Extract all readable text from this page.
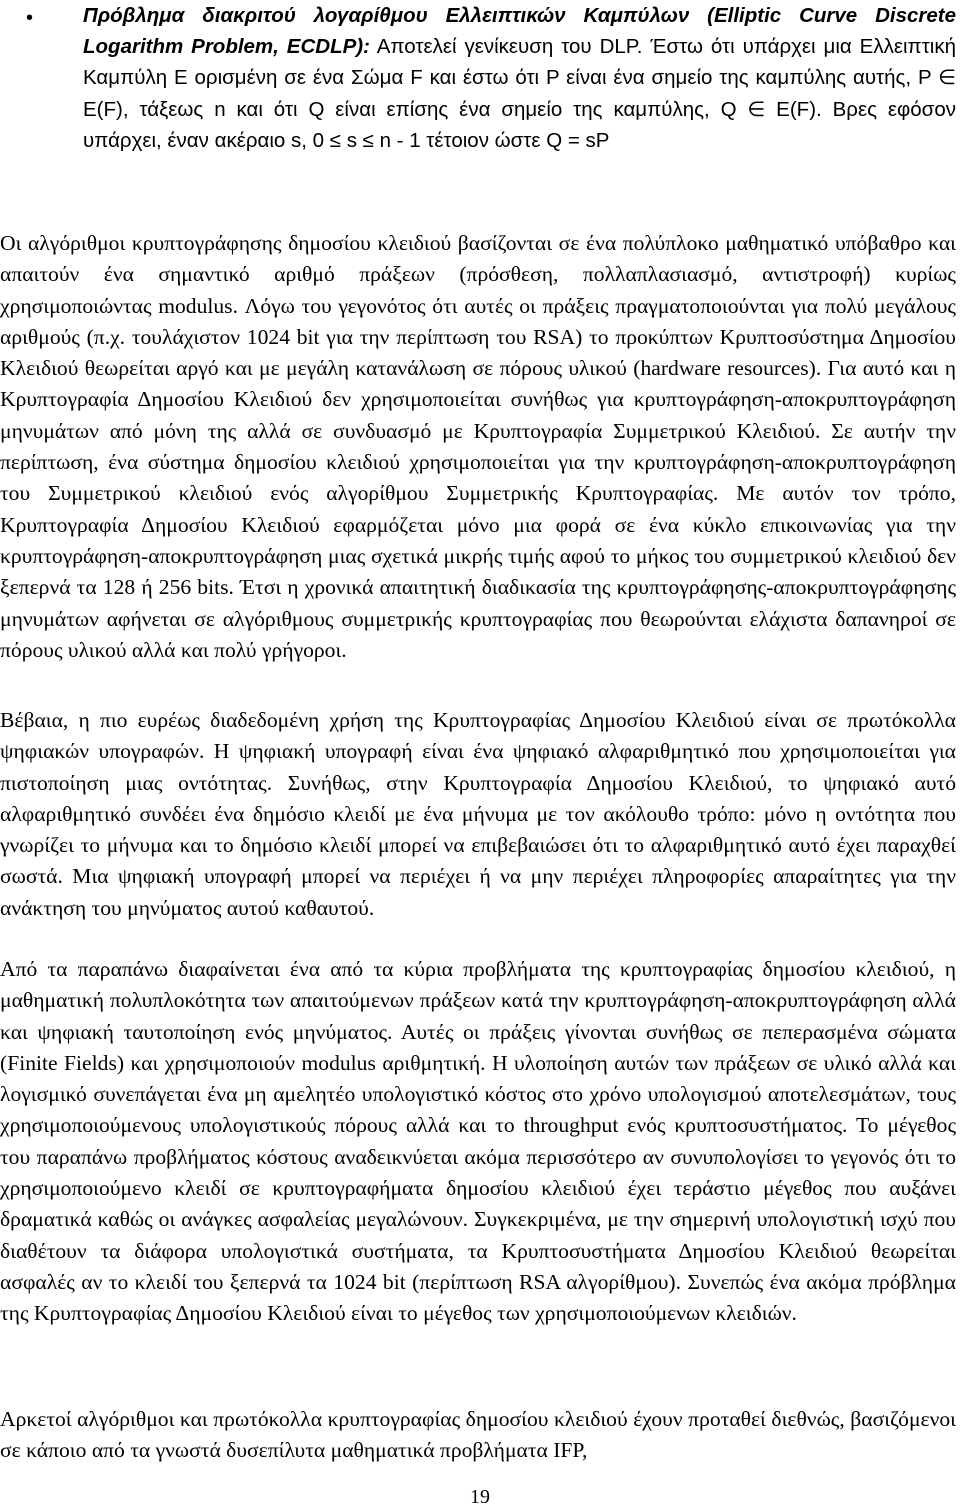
• Πρόβλημα διακριτού λογαρίθμου Ελλειπτικών Καμπύλων (Elliptic Curve Discrete Logarithm Problem, ECDLP): Αποτελεί γενίκευση του DLP. Έστω ότι υπάρχει μια Ελλειπτική Καμπύλη E ορισμένη σε ένα Σώμα F και έστω ότι P είναι ένα σημείο της καμπύλης αυτής, P ∈ E(F), τάξεως n και ότι Q είναι επίσης ένα σημείο της καμπύλης, Q ∈ E(F). Βρες εφόσον υπάρχει, έναν ακέραιο s, 0 ≤ s ≤ n - 1 τέτοιον ώστε Q = sP

Οι αλγόριθμοι κρυπτογράφησης δημοσίου κλειδιού βασίζονται σε ένα πολύπλοκο μαθηματικό υπόβαθρο και απαιτούν ένα σημαντικό αριθμό πράξεων (πρόσθεση, πολλαπλασιασμό, αντιστροφή) κυρίως χρησιμοποιώντας modulus. Λόγω του γεγονότος ότι αυτές οι πράξεις πραγματοποιούνται για πολύ μεγάλους αριθμούς (π.χ. τουλάχιστον 1024 bit για την περίπτωση του RSA) το προκύπτων Κρυπτοσύστημα Δημοσίου Κλειδιού θεωρείται αργό και με μεγάλη κατανάλωση σε πόρους υλικού (hardware resources). Για αυτό και η Κρυπτογραφία Δημοσίου Κλειδιού δεν χρησιμοποιείται συνήθως για κρυπτογράφηση-αποκρυπτογράφηση μηνυμάτων από μόνη της αλλά σε συνδυασμό με Κρυπτογραφία Συμμετρικού Κλειδιού. Σε αυτήν την περίπτωση, ένα σύστημα δημοσίου κλειδιού χρησιμοποιείται για την κρυπτογράφηση-αποκρυπτογράφηση του Συμμετρικού κλειδιού ενός αλγορίθμου Συμμετρικής Κρυπτογραφίας. Με αυτόν τον τρόπο, Κρυπτογραφία Δημοσίου Κλειδιού εφαρμόζεται μόνο μια φορά σε ένα κύκλο επικοινωνίας για την κρυπτογράφηση-αποκρυπτογράφηση μιας σχετικά μικρής τιμής αφού το μήκος του συμμετρικού κλειδιού δεν ξεπερνά τα 128 ή 256 bits. Έτσι η χρονικά απαιτητική διαδικασία της κρυπτογράφησης-αποκρυπτογράφησης μηνυμάτων αφήνεται σε αλγόριθμους συμμετρικής κρυπτογραφίας που θεωρούνται ελάχιστα δαπανηροί σε πόρους υλικού αλλά και πολύ γρήγοροι.

Βέβαια, η πιο ευρέως διαδεδομένη χρήση της Κρυπτογραφίας Δημοσίου Κλειδιού είναι σε πρωτόκολλα ψηφιακών υπογραφών. Η ψηφιακή υπογραφή είναι ένα ψηφιακό αλφαριθμητικό που χρησιμοποιείται για πιστοποίηση μιας οντότητας. Συνήθως, στην Κρυπτογραφία Δημοσίου Κλειδιού, το ψηφιακό αυτό αλφαριθμητικό συνδέει ένα δημόσιο κλειδί με ένα μήνυμα με τον ακόλουθο τρόπο: μόνο η οντότητα που γνωρίζει το μήνυμα και το δημόσιο κλειδί μπορεί να επιβεβαιώσει ότι το αλφαριθμητικό αυτό έχει παραχθεί σωστά. Μια ψηφιακή υπογραφή μπορεί να περιέχει ή να μην περιέχει πληροφορίες απαραίτητες για την ανάκτηση του μηνύματος αυτού καθαυτού.

Από τα παραπάνω διαφαίνεται ένα από τα κύρια προβλήματα της κρυπτογραφίας δημοσίου κλειδιού, η μαθηματική πολυπλοκότητα των απαιτούμενων πράξεων κατά την κρυπτογράφηση-αποκρυπτογράφηση αλλά και ψηφιακή ταυτοποίηση ενός μηνύματος. Αυτές οι πράξεις γίνονται συνήθως σε πεπερασμένα σώματα (Finite Fields) και χρησιμοποιούν modulus αριθμητική. Η υλοποίηση αυτών των πράξεων σε υλικό αλλά και λογισμικό συνεπάγεται ένα μη αμελητέο υπολογιστικό κόστος στο χρόνο υπολογισμού αποτελεσμάτων, τους χρησιμοποιούμενους υπολογιστικούς πόρους αλλά και το throughput ενός κρυπτοσυστήματος. Το μέγεθος του παραπάνω προβλήματος κόστους αναδεικνύεται ακόμα περισσότερο αν συνυπολογίσει το γεγονός ότι το χρησιμοποιούμενο κλειδί σε κρυπτογραφήματα δημοσίου κλειδιού έχει τεράστιο μέγεθος που αυξάνει δραματικά καθώς οι ανάγκες ασφαλείας μεγαλώνουν. Συγκεκριμένα, με την σημερινή υπολογιστική ισχύ που διαθέτουν τα διάφορα υπολογιστικά συστήματα, τα Κρυπτοσυστήματα Δημοσίου Κλειδιού θεωρείται ασφαλές αν το κλειδί του ξεπερνά τα 1024 bit (περίπτωση RSA αλγορίθμου). Συνεπώς ένα ακόμα πρόβλημα της Κρυπτογραφίας Δημοσίου Κλειδιού είναι το μέγεθος των χρησιμοποιούμενων κλειδιών.

Αρκετοί αλγόριθμοι και πρωτόκολλα κρυπτογραφίας δημοσίου κλειδιού έχουν προταθεί διεθνώς, βασιζόμενοι σε κάποιο από τα γνωστά δυσεπίλυτα μαθηματικά προβλήματα IFP,

19
